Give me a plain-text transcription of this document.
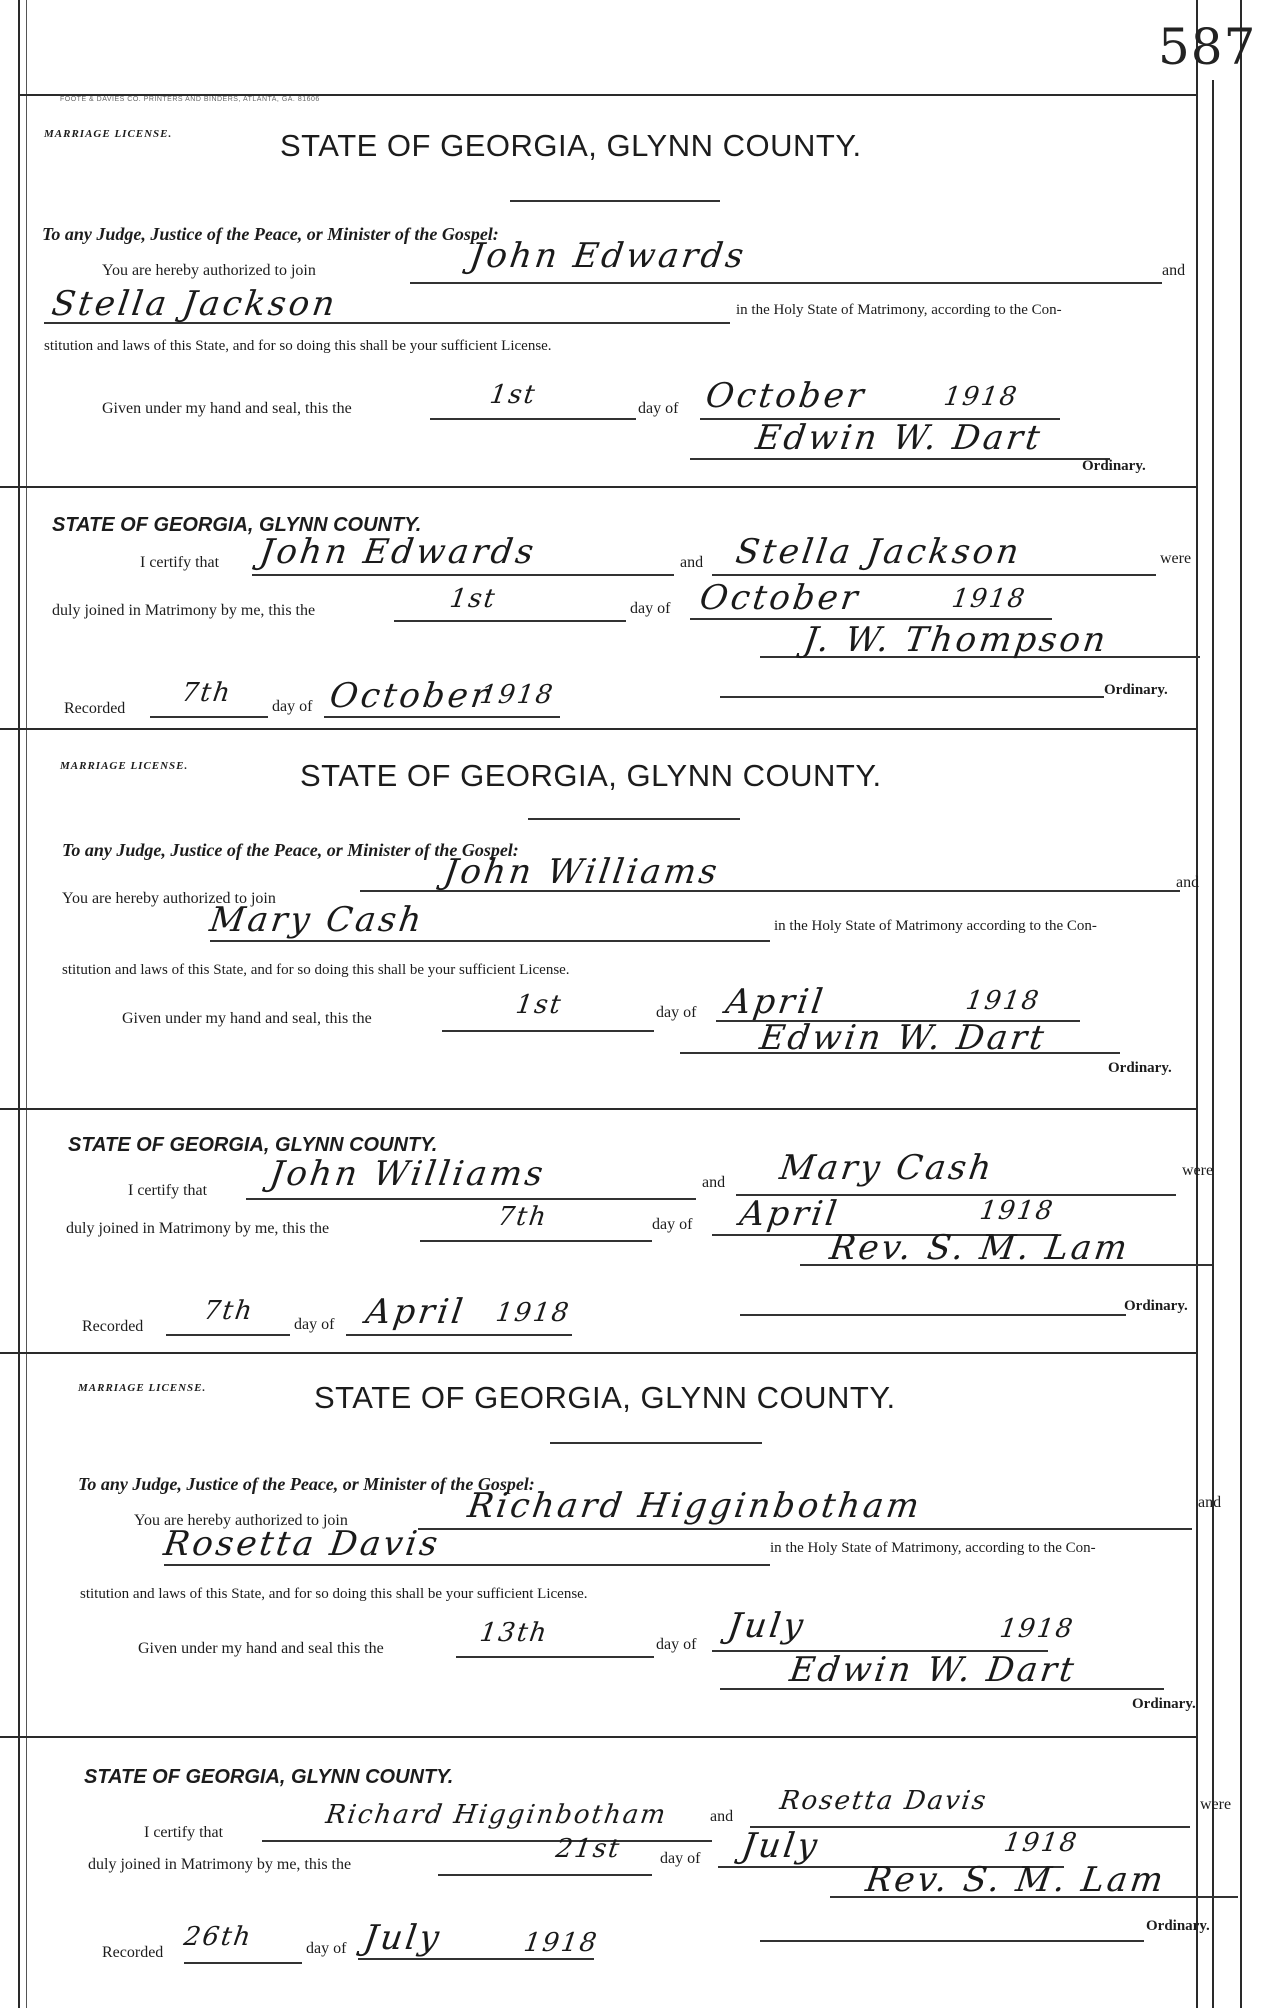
587
FOOTE & DAVIES CO. PRINTERS AND BINDERS, ATLANTA, GA. 81606
MARRIAGE LICENSE.	STATE OF GEORGIA, GLYNN COUNTY.
To any Judge, Justice of the Peace, or Minister of the Gospel:
You are hereby authorized to join	John Edwards	and
Stella Jackson	in the Holy State of Matrimony, according to the Con-
stitution and laws of this State, and for so doing this shall be your sufficient License.
Given under my hand and seal, this the	1st	day of October	1918
Edwin W. Dart
Ordinary.
STATE OF GEORGIA, GLYNN COUNTY.
I certify that John Edwards	and Stella Jackson	were
duly joined in Matrimony by me, this the	1st	day of October	1918
J. W. Thompson
Recorded
7th day of October
1918	Ordinary.
MARRIAGE LICENSE.	STATE OF GEORGIA, GLYNN COUNTY.
To any Judge, Justice of the Peace, or Minister of the Gospel:
You are hereby authorized to join
John Williams	and
Mary Cash	in the Holy State of Matrimony according to the Con-
stitution and laws of this State, and for so doing this shall be your sufficient License.
Given under my hand and seal, this the	1st	day of April	1918
Edwin W. Dart
Ordinary.
STATE OF GEORGIA, GLYNN COUNTY.
I certify that John Williams	and Mary Cash	were
duly joined in Matrimony by me, this the	7th	day of April	1918
Rev. S. M. Lam
Recorded
7th day of April 1918	Ordinary.
MARRIAGE LICENSE.	STATE OF GEORGIA, GLYNN COUNTY.
To any Judge, Justice of the Peace, or Minister of the Gospel:
You are hereby authorized to join	Richard Higginbotham	and
Rosetta Davis	in the Holy State of Matrimony, according to the Con-
stitution and laws of this State, and for so doing this shall be your sufficient License.
Given under my hand and seal this the
13th	day of July	1918
Edwin W. Dart
Ordinary.
STATE OF GEORGIA, GLYNN COUNTY.
I certify that
Richard Higginbotham	and
Rosetta Davis	were
duly joined in Matrimony by me, this the
21st day of July	1918
Rev. S. M. Lam
Recorded
26th	day of July	1918
Ordinary.
